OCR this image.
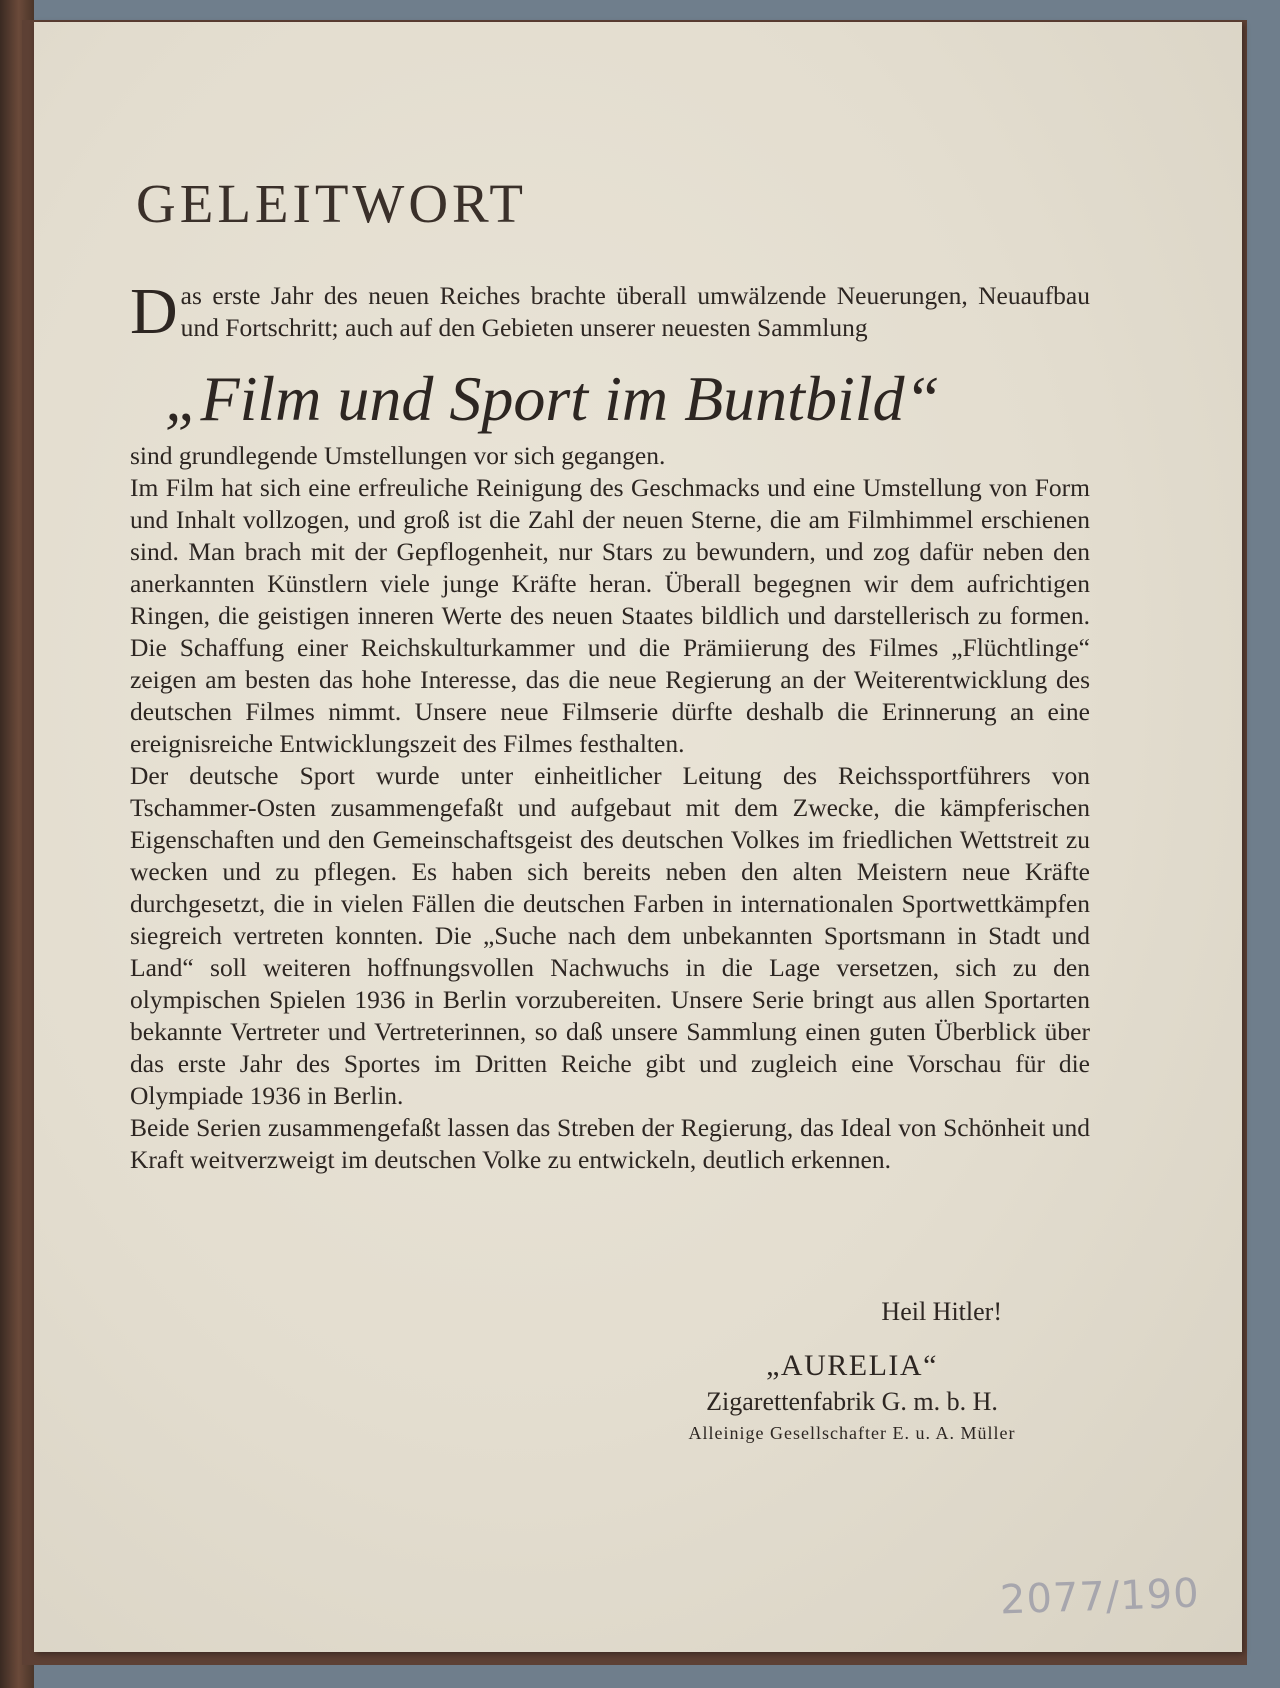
GELEITWORT

Das erste Jahr des neuen Reiches brachte überall umwälzende Neuerungen, Neuaufbau und Fortschritt; auch auf den Gebieten unserer neuesten Sammlung

„Film und Sport im Buntbild“

sind grundlegende Umstellungen vor sich gegangen.

Im Film hat sich eine erfreuliche Reinigung des Geschmacks und eine Umstellung von Form und Inhalt vollzogen, und groß ist die Zahl der neuen Sterne, die am Filmhimmel erschienen sind. Man brach mit der Gepflogenheit, nur Stars zu bewundern, und zog dafür neben den anerkannten Künstlern viele junge Kräfte heran. Überall begegnen wir dem aufrichtigen Ringen, die geistigen inneren Werte des neuen Staates bildlich und darstellerisch zu formen. Die Schaffung einer Reichskulturkammer und die Prämiierung des Filmes „Flüchtlinge“ zeigen am besten das hohe Interesse, das die neue Regierung an der Weiterentwicklung des deutschen Filmes nimmt. Unsere neue Filmserie dürfte deshalb die Erinnerung an eine ereignisreiche Entwicklungszeit des Filmes festhalten.

Der deutsche Sport wurde unter einheitlicher Leitung des Reichssportführers von Tschammer-Osten zusammengefaßt und aufgebaut mit dem Zwecke, die kämpferischen Eigenschaften und den Gemeinschaftsgeist des deutschen Volkes im friedlichen Wettstreit zu wecken und zu pflegen. Es haben sich bereits neben den alten Meistern neue Kräfte durchgesetzt, die in vielen Fällen die deutschen Farben in internationalen Sportwettkämpfen siegreich vertreten konnten. Die „Suche nach dem unbekannten Sportsmann in Stadt und Land“ soll weiteren hoffnungsvollen Nachwuchs in die Lage versetzen, sich zu den olympischen Spielen 1936 in Berlin vorzubereiten. Unsere Serie bringt aus allen Sportarten bekannte Vertreter und Vertreterinnen, so daß unsere Sammlung einen guten Überblick über das erste Jahr des Sportes im Dritten Reiche gibt und zugleich eine Vorschau für die Olympiade 1936 in Berlin.

Beide Serien zusammengefaßt lassen das Streben der Regierung, das Ideal von Schönheit und Kraft weitverzweigt im deutschen Volke zu entwickeln, deutlich erkennen.

Heil Hitler!
„AURELIA“
Zigarettenfabrik G. m. b. H.
Alleinige Gesellschafter E. u. A. Müller
2077/190
